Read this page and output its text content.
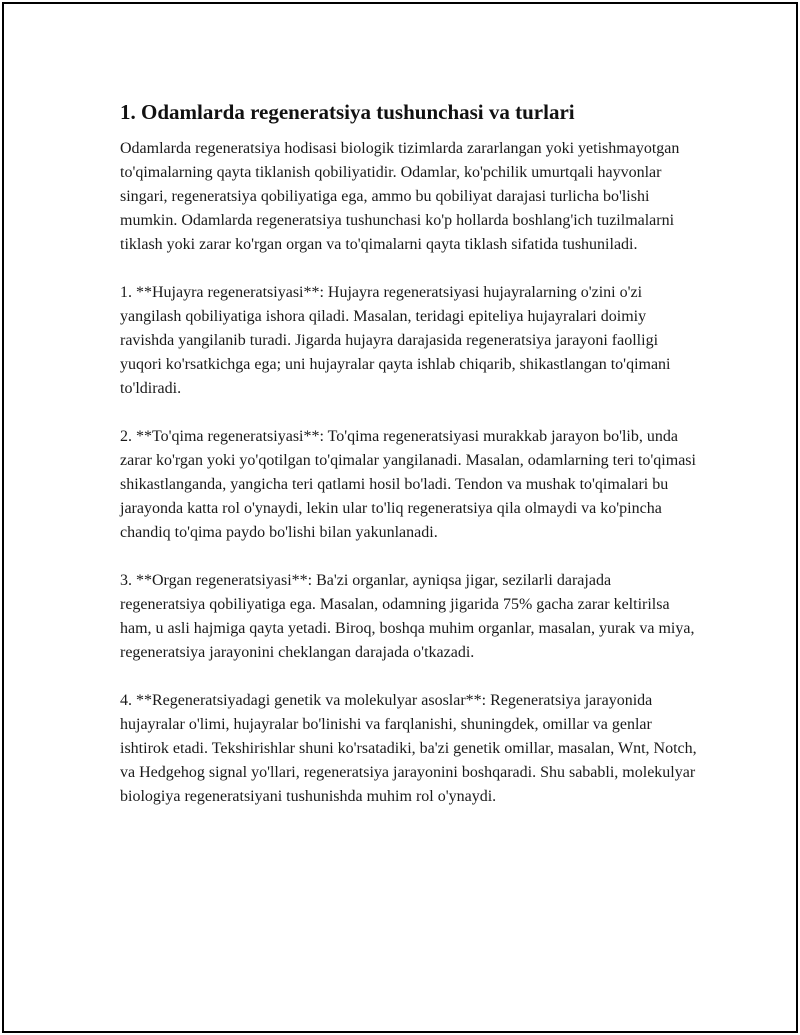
1. Odamlarda regeneratsiya tushunchasi va turlari

Odamlarda regeneratsiya hodisasi biologik tizimlarda zararlangan yoki yetishmayotgan to'qimalarning qayta tiklanish qobiliyatidir. Odamlar, ko'pchilik umurtqali hayvonlar singari, regeneratsiya qobiliyatiga ega, ammo bu qobiliyat darajasi turlicha bo'lishi mumkin. Odamlarda regeneratsiya tushunchasi ko'p hollarda boshlang'ich tuzilmalarni tiklash yoki zarar ko'rgan organ va to'qimalarni qayta tiklash sifatida tushuniladi.

1. **Hujayra regeneratsiyasi**: Hujayra regeneratsiyasi hujayralarning o'zini o'zi yangilash qobiliyatiga ishora qiladi. Masalan, teridagi epiteliya hujayralari doimiy ravishda yangilanib turadi. Jigarda hujayra darajasida regeneratsiya jarayoni faolligi yuqori ko'rsatkichga ega; uni hujayralar qayta ishlab chiqarib, shikastlangan to'qimani to'ldiradi.

2. **To'qima regeneratsiyasi**: To'qima regeneratsiyasi murakkab jarayon bo'lib, unda zarar ko'rgan yoki yo'qotilgan to'qimalar yangilanadi. Masalan, odamlarning teri to'qimasi shikastlanganda, yangicha teri qatlami hosil bo'ladi. Tendon va mushak to'qimalari bu jarayonda katta rol o'ynaydi, lekin ular to'liq regeneratsiya qila olmaydi va ko'pincha chandiq to'qima paydo bo'lishi bilan yakunlanadi.

3. **Organ regeneratsiyasi**: Ba'zi organlar, ayniqsa jigar, sezilarli darajada regeneratsiya qobiliyatiga ega. Masalan, odamning jigarida 75% gacha zarar keltirilsa ham, u asli hajmiga qayta yetadi. Biroq, boshqa muhim organlar, masalan, yurak va miya, regeneratsiya jarayonini cheklangan darajada o'tkazadi.

4. **Regeneratsiyadagi genetik va molekulyar asoslar**: Regeneratsiya jarayonida hujayralar o'limi, hujayralar bo'linishi va farqlanishi, shuningdek, omillar va genlar ishtirok etadi. Tekshirishlar shuni ko'rsatadiki, ba'zi genetik omillar, masalan, Wnt, Notch, va Hedgehog signal yo'llari, regeneratsiya jarayonini boshqaradi. Shu sababli, molekulyar biologiya regeneratsiyani tushunishda muhim rol o'ynaydi.
